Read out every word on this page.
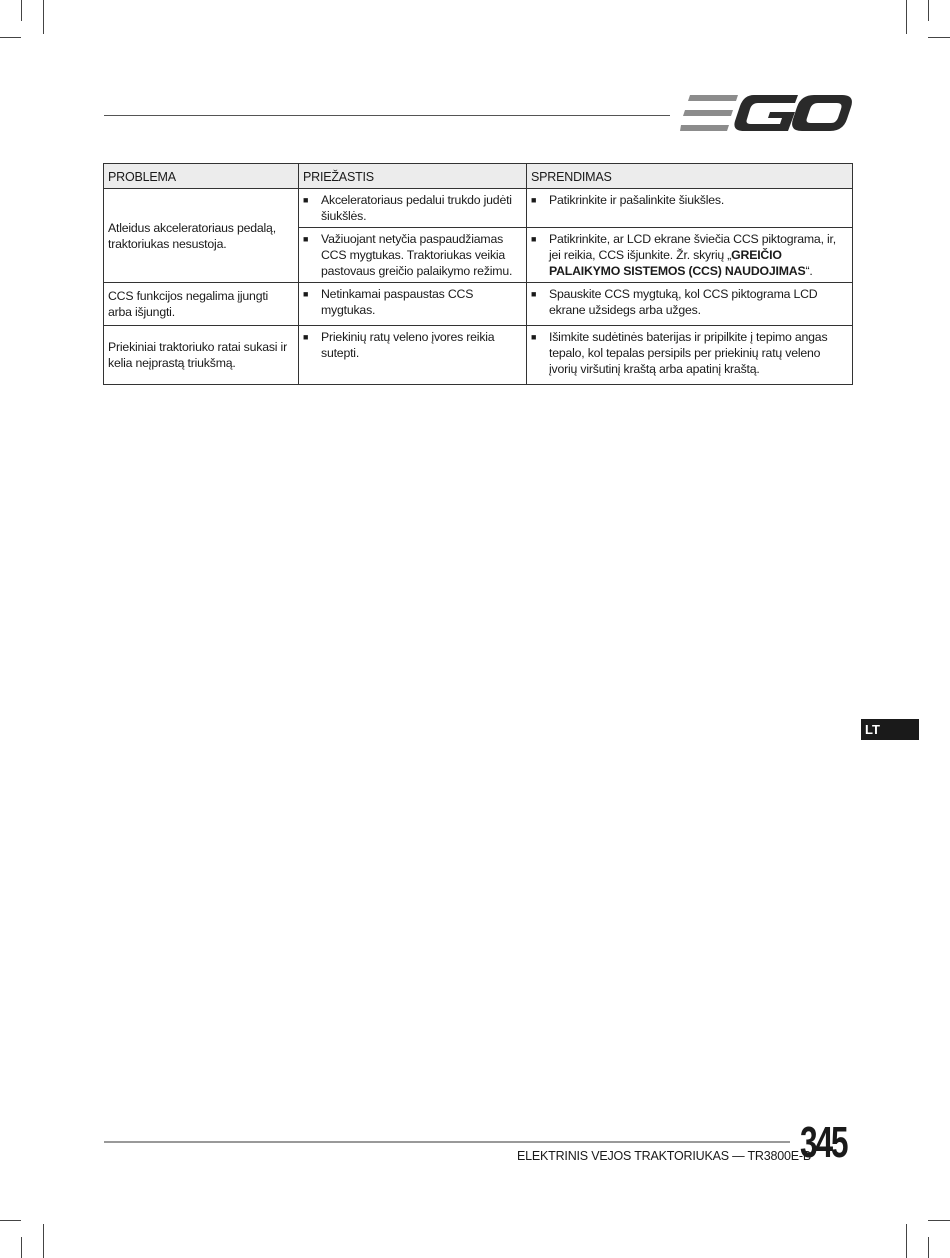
PROBLEMA	PRIEŽASTIS	SPRENDIMAS
Atleidus akceleratoriaus pedalą, traktoriukas nesustoja.	■ Akceleratoriaus pedalui trukdo judėti šiukšlės.	■ Patikrinkite ir pašalinkite šiukšles.

	■ Važiuojant netyčia paspaudžiamas CCS mygtukas. Traktoriukas veikia pastovaus greičio palaikymo režimu.	■ Patikrinkite, ar LCD ekrane šviečia CCS piktograma, ir, jei reikia, CCS išjunkite. Žr. skyrių „GREIČIO PALAIKYMO SISTEMOS (CCS) NAUDOJIMAS“.

CCS funkcijos negalima įjungti arba išjungti.	■ Netinkamai paspaustas CCS mygtukas.	■ Spauskite CCS mygtuką, kol CCS piktograma LCD ekrane užsidegs arba užges.

Priekiniai traktoriuko ratai sukasi ir kelia neįprastą triukšmą.	■ Priekinių ratų veleno įvores reikia sutepti.	■ Išimkite sudėtinės baterijas ir pripilkite į tepimo angas tepalo, kol tepalas persipils per priekinių ratų veleno įvorių viršutinį kraštą arba apatinį kraštą.
LT
ELEKTRINIS VEJOS TRAKTORIUKAS — TR3800E-B
345
